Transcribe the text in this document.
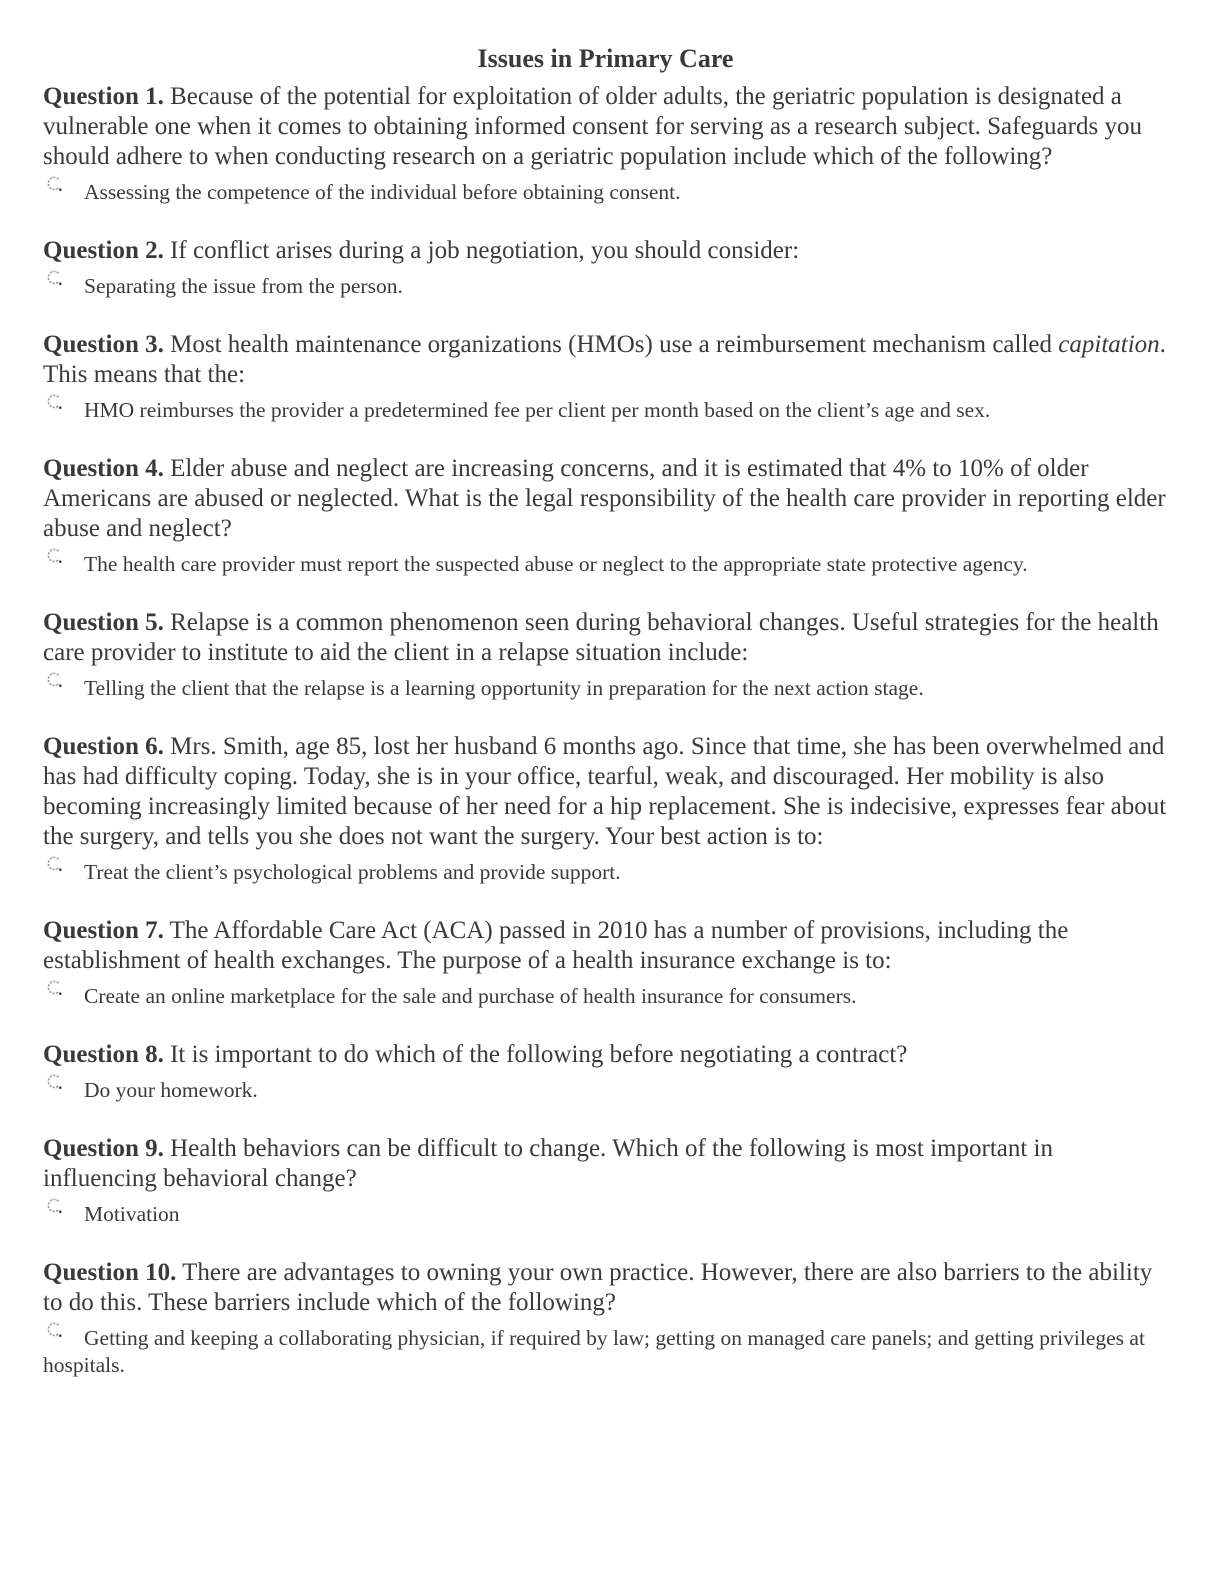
Issues in Primary Care

Question 1. Because of the potential for exploitation of older adults, the geriatric population is designated a vulnerable one when it comes to obtaining informed consent for serving as a research subject. Safeguards you should adhere to when conducting research on a geriatric population include which of the following?

Assessing the competence of the individual before obtaining consent.

Question 2. If conflict arises during a job negotiation, you should consider:

Separating the issue from the person.

Question 3. Most health maintenance organizations (HMOs) use a reimbursement mechanism called capitation. This means that the:

HMO reimburses the provider a predetermined fee per client per month based on the client’s age and sex.

Question 4. Elder abuse and neglect are increasing concerns, and it is estimated that 4% to 10% of older Americans are abused or neglected. What is the legal responsibility of the health care provider in reporting elder abuse and neglect?

The health care provider must report the suspected abuse or neglect to the appropriate state protective agency.

Question 5. Relapse is a common phenomenon seen during behavioral changes. Useful strategies for the health care provider to institute to aid the client in a relapse situation include:

Telling the client that the relapse is a learning opportunity in preparation for the next action stage.

Question 6. Mrs. Smith, age 85, lost her husband 6 months ago. Since that time, she has been overwhelmed and has had difficulty coping. Today, she is in your office, tearful, weak, and discouraged. Her mobility is also becoming increasingly limited because of her need for a hip replacement. She is indecisive, expresses fear about the surgery, and tells you she does not want the surgery. Your best action is to:

Treat the client’s psychological problems and provide support.

Question 7. The Affordable Care Act (ACA) passed in 2010 has a number of provisions, including the establishment of health exchanges. The purpose of a health insurance exchange is to:

Create an online marketplace for the sale and purchase of health insurance for consumers.

Question 8. It is important to do which of the following before negotiating a contract?

Do your homework.

Question 9. Health behaviors can be difficult to change. Which of the following is most important in influencing behavioral change?

Motivation

Question 10. There are advantages to owning your own practice. However, there are also barriers to the ability to do this. These barriers include which of the following?

Getting and keeping a collaborating physician, if required by law; getting on managed care panels; and getting privileges at hospitals.
